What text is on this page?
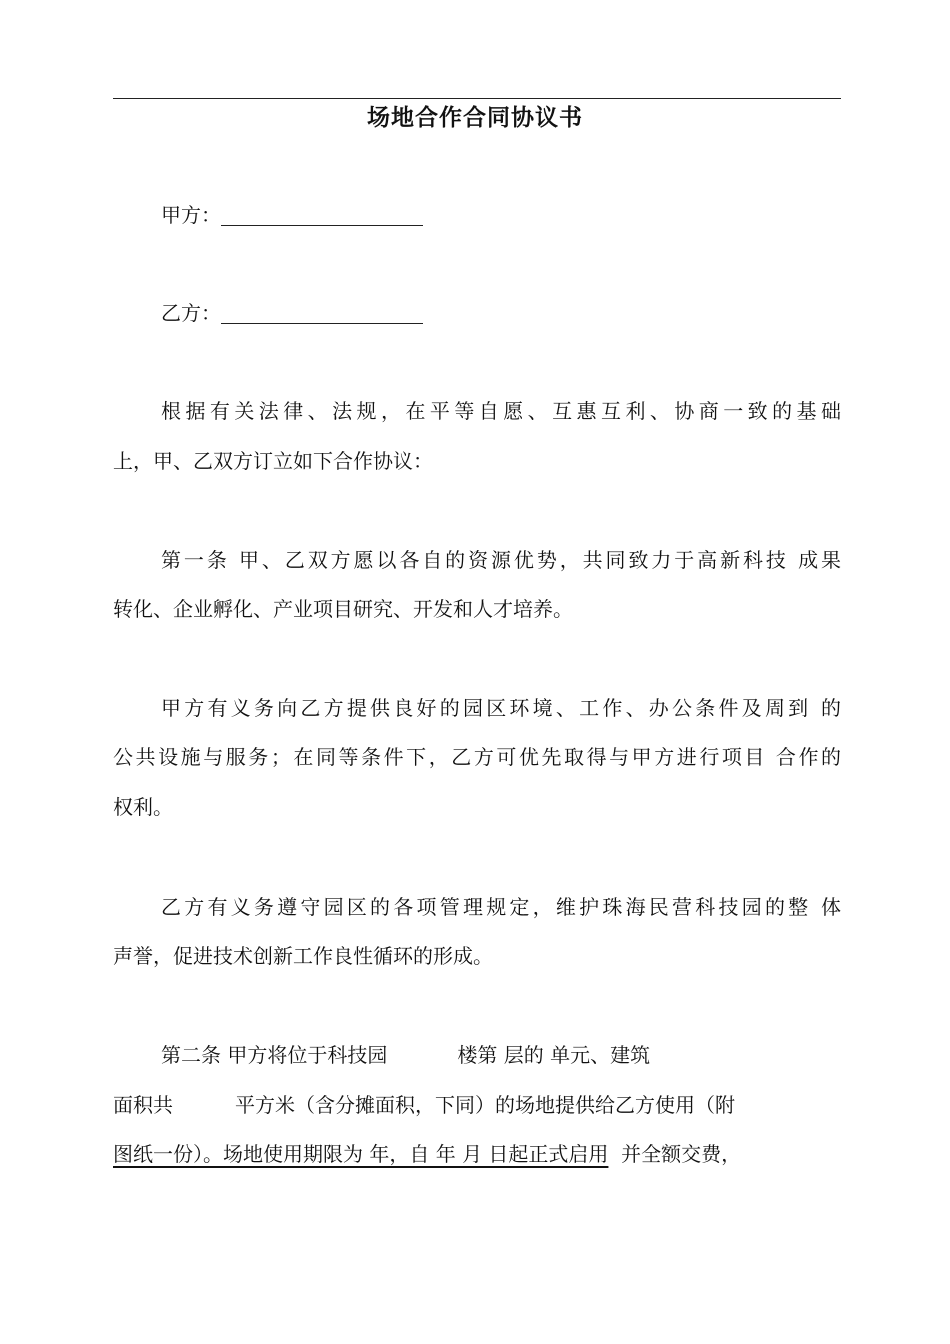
场地合作合同协议书
甲方：
乙方：
根据有关法律、法规，在平等自愿、互惠互利、协商一致的基础
上，甲、乙双方订立如下合作协议：
第一条 甲、乙双方愿以各自的资源优势，共同致力于高新科技 成果
转化、企业孵化、产业项目研究、开发和人才培养。
甲方有义务向乙方提供良好的园区环境、工作、办公条件及周到 的
公共设施与服务；在同等条件下，乙方可优先取得与甲方进行项目 合作的
权利。
乙方有义务遵守园区的各项管理规定，维护珠海民营科技园的整 体
声誉，促进技术创新工作良性循环的形成。
第二条 甲方将位于科技园	楼第 层的 单元、建筑
面积共	平方米（含分摊面积，下同）的场地提供给乙方使用（附
图纸一份）。场地使用期限为 年，自 年 月 日起正式启用  并全额交费，
